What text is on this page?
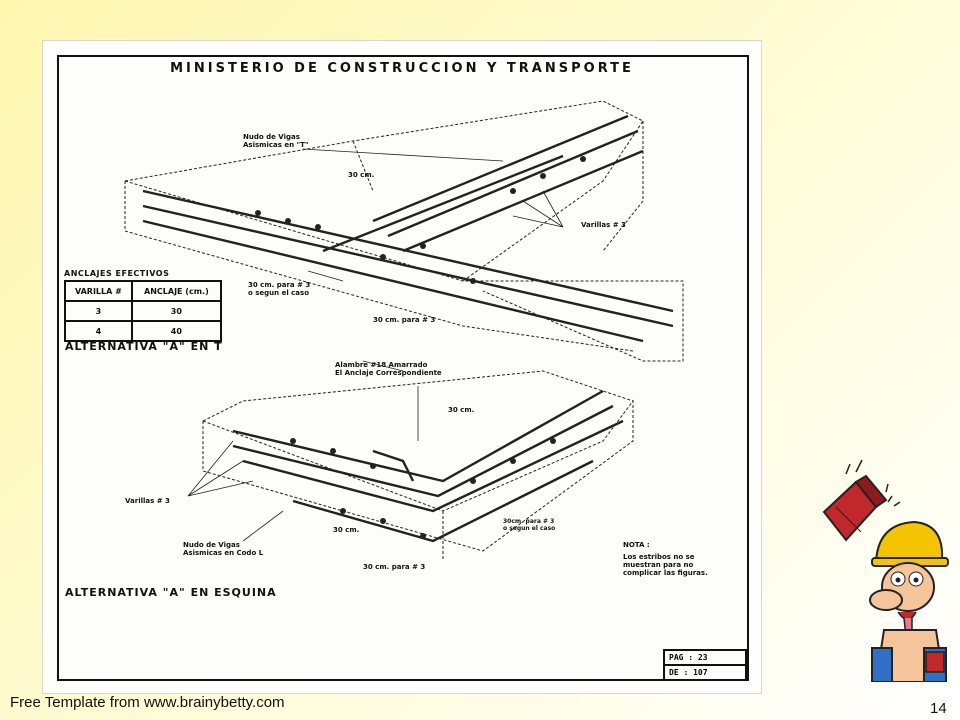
MINISTERIO DE CONSTRUCCION Y TRANSPORTE
Nudo de Vigas
Asismicas en "T"
30 cm.
Varillas # 3
30 cm. para # 3
o segun el caso
30 cm. para # 3
Alambre #18 Amarrado
El Anclaje Correspondiente
30 cm.
Varillas # 3
30cm. para # 3
o segun el caso
Nudo de Vigas
Asismicas en Codo L
30 cm.
30 cm. para # 3
ANCLAJES EFECTIVOS
VARILLA #	ANCLAJE (cm.)
3	30
4	40
ALTERNATIVA "A" EN T
ALTERNATIVA "A" EN ESQUINA
NOTA :
Los estribos no se
muestran para no
complicar las figuras.
PAG : 23
DE : 107
Free Template from www.brainybetty.com	14
